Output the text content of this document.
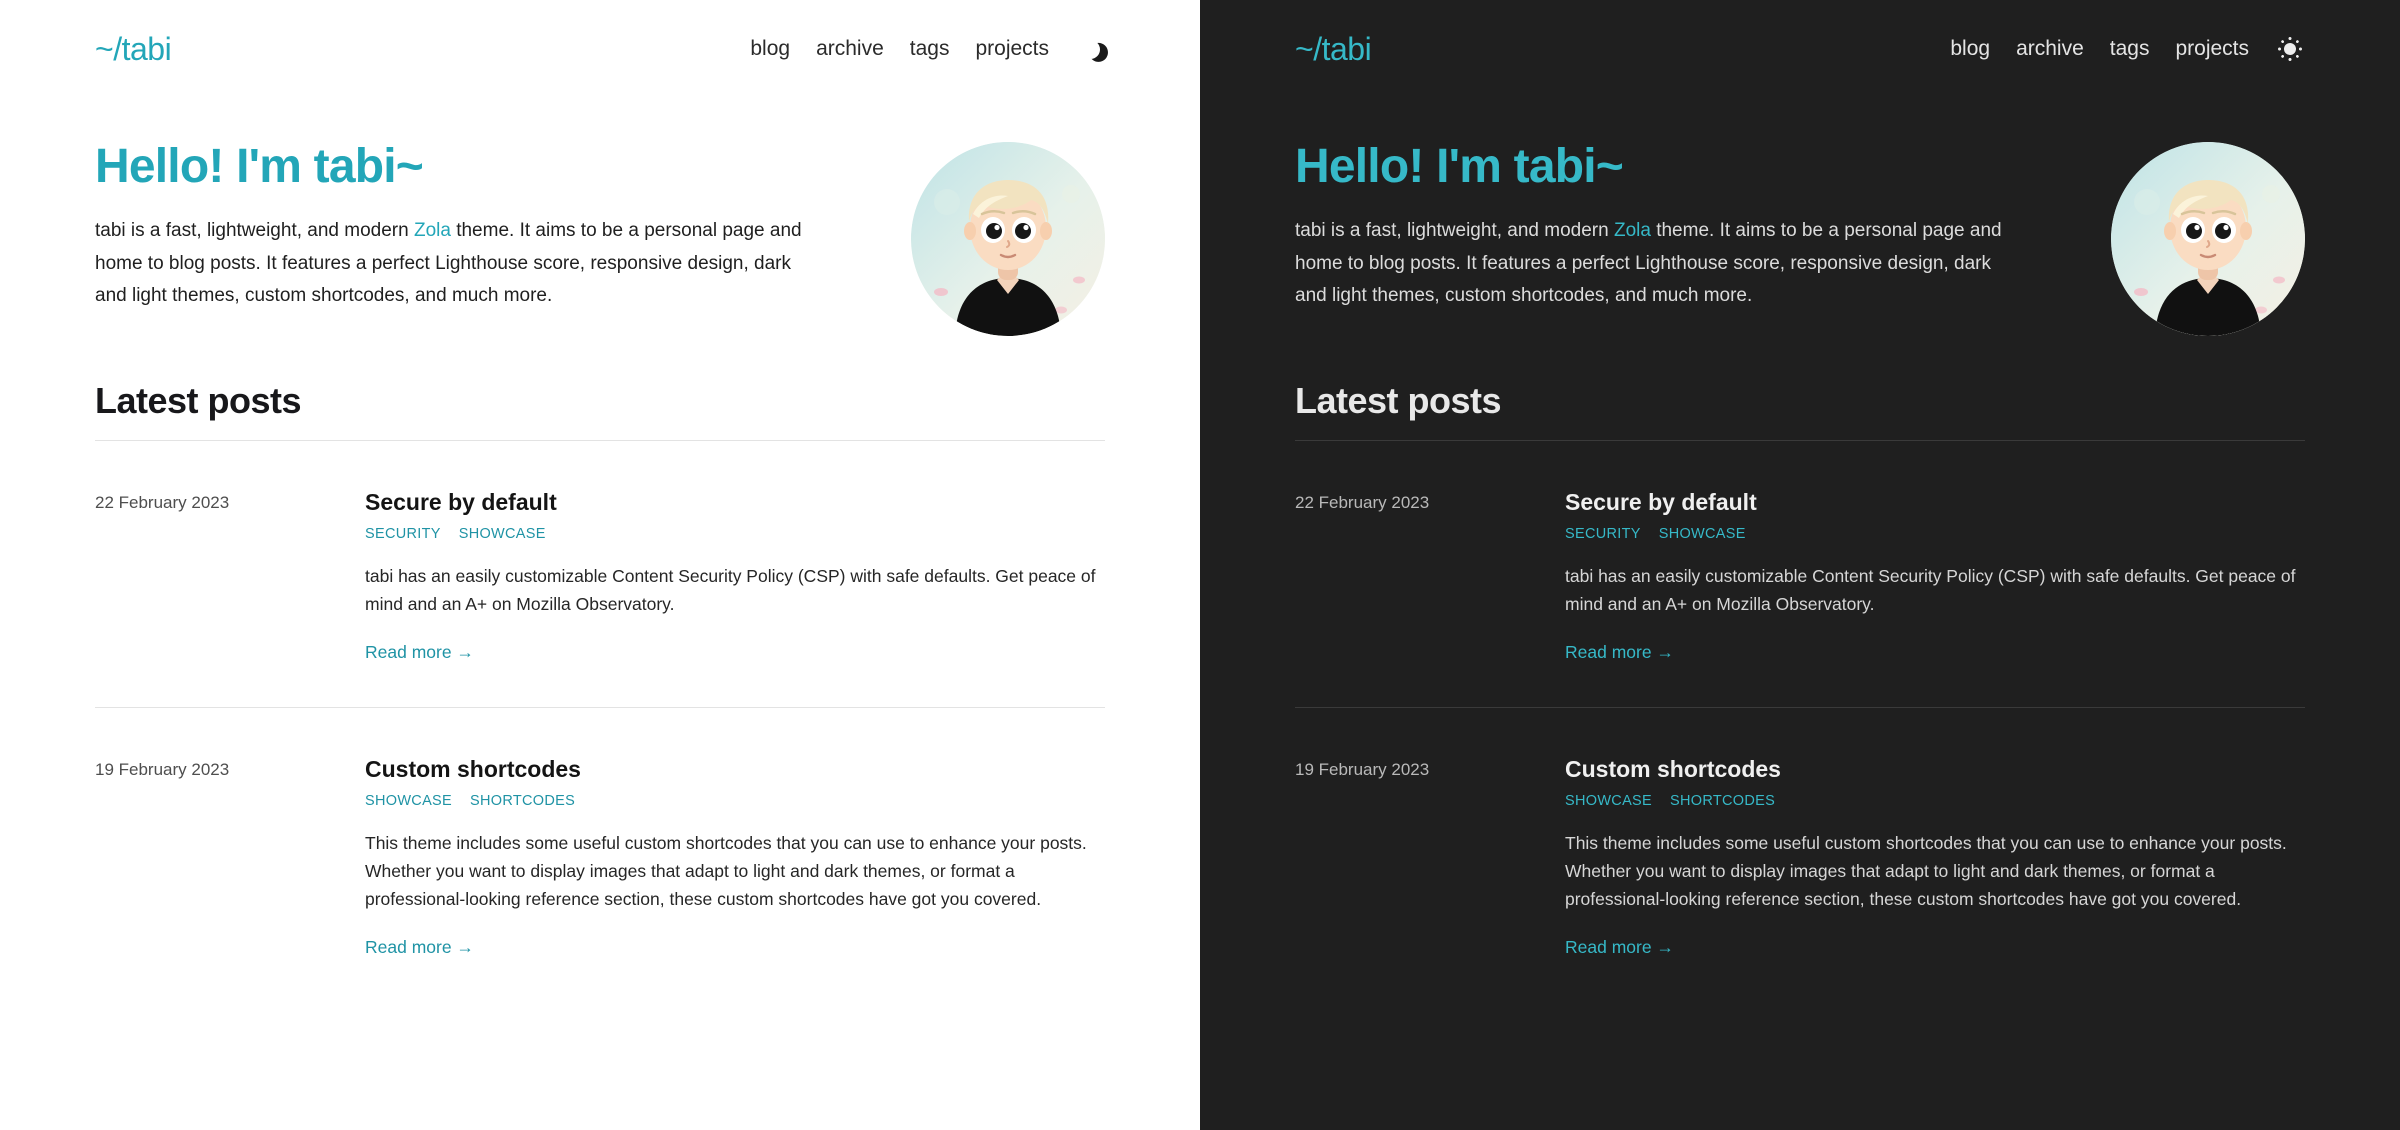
~/tabi	blog archive tags projects
Hello! I'm tabi~

tabi is a fast, lightweight, and modern Zola theme. It aims to be a personal page and home to blog posts. It features a perfect Lighthouse score, responsive design, dark and light themes, custom shortcodes, and much more.

Latest posts
22 February 2023	Secure by default
SECURITY SHOWCASE

tabi has an easily customizable Content Security Policy (CSP) with safe defaults. Get peace of mind and an A+ on Mozilla Observatory.

Read more →
19 February 2023	Custom shortcodes
SHOWCASE SHORTCODES

This theme includes some useful custom shortcodes that you can use to enhance your posts. Whether you want to display images that adapt to light and dark themes, or format a professional-looking reference section, these custom shortcodes have got you covered.

Read more →
~/tabi	blog archive tags projects
Hello! I'm tabi~

tabi is a fast, lightweight, and modern Zola theme. It aims to be a personal page and home to blog posts. It features a perfect Lighthouse score, responsive design, dark and light themes, custom shortcodes, and much more.

Latest posts
22 February 2023	Secure by default
SECURITY SHOWCASE

tabi has an easily customizable Content Security Policy (CSP) with safe defaults. Get peace of mind and an A+ on Mozilla Observatory.

Read more →
19 February 2023	Custom shortcodes
SHOWCASE SHORTCODES

This theme includes some useful custom shortcodes that you can use to enhance your posts. Whether you want to display images that adapt to light and dark themes, or format a professional-looking reference section, these custom shortcodes have got you covered.

Read more →
